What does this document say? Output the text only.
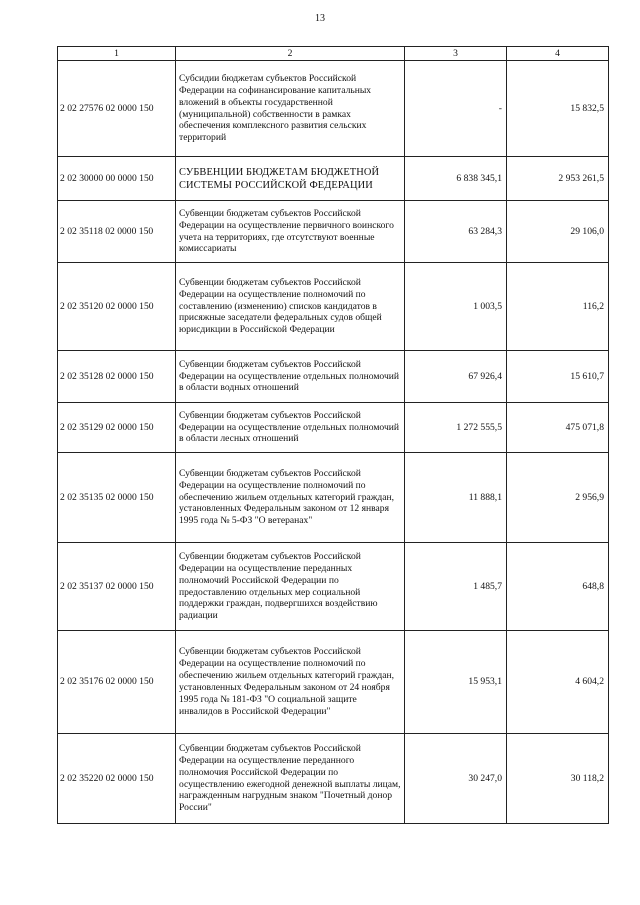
13
1	2	3	4
2 02 27576 02 0000 150	Субсидии бюджетам субъектов Российской Федерации на софинансирование капитальных вложений в объекты государственной (муниципальной) собственности в рамках обеспечения комплексного развития сельских территорий	-	15 832,5
2 02 30000 00 0000 150	СУБВЕНЦИИ БЮДЖЕТАМ БЮДЖЕТНОЙ СИСТЕМЫ РОССИЙСКОЙ ФЕДЕРАЦИИ	6 838 345,1	2 953 261,5
2 02 35118 02 0000 150	Субвенции бюджетам субъектов Российской Федерации на осуществление первичного воинского учета на территориях, где отсутствуют военные комиссариаты	63 284,3	29 106,0
2 02 35120 02 0000 150	Субвенции бюджетам субъектов Российской Федерации на осуществление полномочий по составлению (изменению) списков кандидатов в присяжные заседатели федеральных судов общей юрисдикции в Российской Федерации	1 003,5	116,2
2 02 35128 02 0000 150	Субвенции бюджетам субъектов Российской Федерации на осуществление отдельных полномочий в области водных отношений	67 926,4	15 610,7
2 02 35129 02 0000 150	Субвенции бюджетам субъектов Российской Федерации на осуществление отдельных полномочий в области лесных отношений	1 272 555,5	475 071,8
2 02 35135 02 0000 150	Субвенции бюджетам субъектов Российской Федерации на осуществление полномочий по обеспечению жильем отдельных категорий граждан, установленных Федеральным законом от 12 января 1995 года № 5-ФЗ "О ветеранах"	11 888,1	2 956,9
2 02 35137 02 0000 150	Субвенции бюджетам субъектов Российской Федерации на осуществление переданных полномочий Российской Федерации по предоставлению отдельных мер социальной поддержки граждан, подвергшихся воздействию радиации	1 485,7	648,8
2 02 35176 02 0000 150	Субвенции бюджетам субъектов Российской Федерации на осуществление полномочий по обеспечению жильем отдельных категорий граждан, установленных Федеральным законом от 24 ноября 1995 года № 181-ФЗ "О социальной защите инвалидов в Российской Федерации"	15 953,1	4 604,2
2 02 35220 02 0000 150	Субвенции бюджетам субъектов Российской Федерации на осуществление переданного полномочия Российской Федерации по осуществлению ежегодной денежной выплаты лицам, награжденным нагрудным знаком "Почетный донор России"	30 247,0	30 118,2
